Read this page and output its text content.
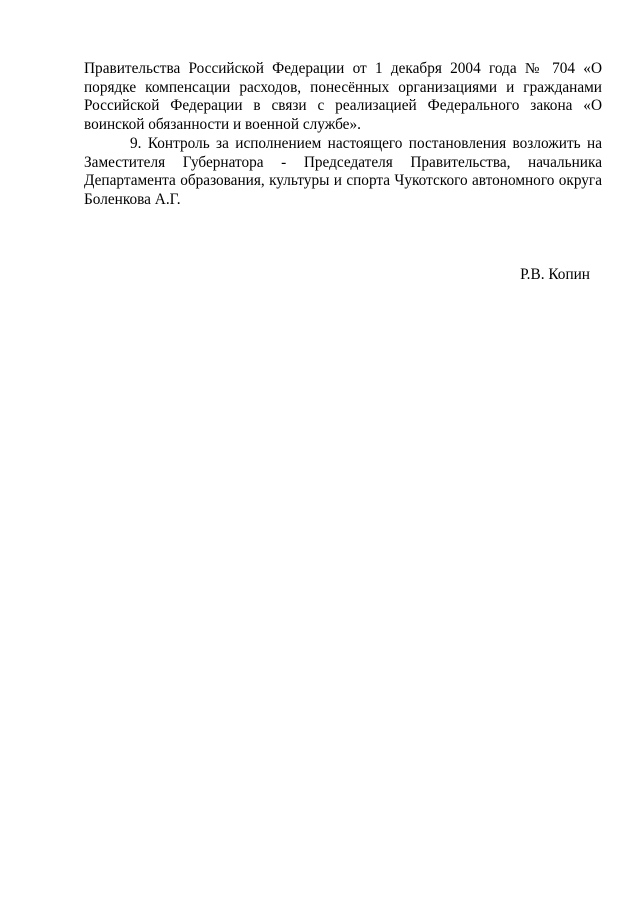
Правительства Российской Федерации от 1 декабря 2004 года № 704 «О порядке компенсации расходов, понесённых организациями и гражданами Российской Федерации в связи с реализацией Федерального закона «О воинской обязанности и военной службе».

9. Контроль за исполнением настоящего постановления возложить на Заместителя Губернатора - Председателя Правительства, начальника Департамента образования, культуры и спорта Чукотского автономного округа Боленкова А.Г.

Р.В. Копин
